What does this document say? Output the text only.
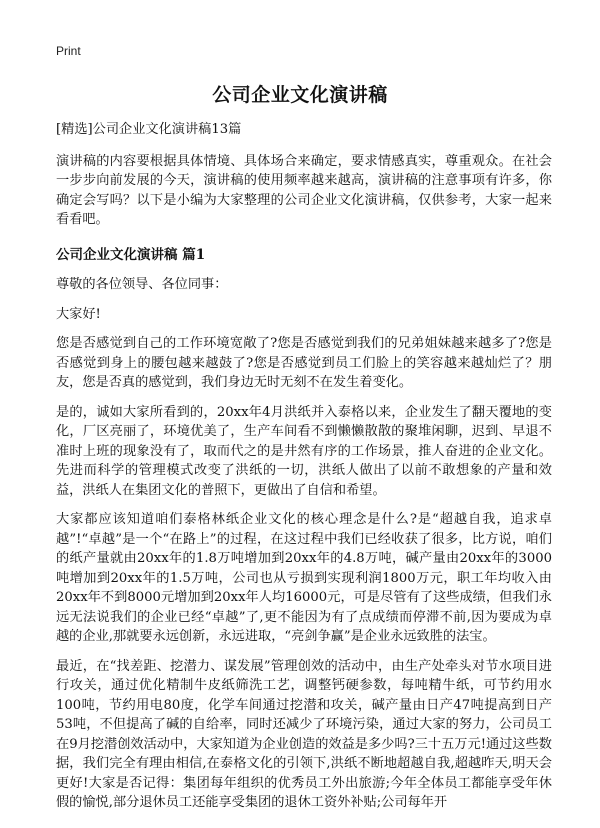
Print
公司企业文化演讲稿

[精选]公司企业文化演讲稿13篇

演讲稿的内容要根据具体情境、具体场合来确定，要求情感真实，尊重观众。在社会一步步向前发展的今天，演讲稿的使用频率越来越高，演讲稿的注意事项有许多，你确定会写吗？以下是小编为大家整理的公司企业文化演讲稿，仅供参考，大家一起来看看吧。

公司企业文化演讲稿 篇1

尊敬的各位领导、各位同事：

大家好!

您是否感觉到自己的工作环境宽敞了?您是否感觉到我们的兄弟姐妹越来越多了?您是否感觉到身上的腰包越来越鼓了?您是否感觉到员工们脸上的笑容越来越灿烂了？朋友，您是否真的感觉到，我们身边无时无刻不在发生着变化。

是的，诚如大家所看到的，20xx年4月洪纸并入泰格以来，企业发生了翻天覆地的变化，厂区亮丽了，环境优美了，生产车间看不到懒懒散散的聚堆闲聊，迟到、早退不准时上班的现象没有了，取而代之的是井然有序的工作场景，推人奋进的企业文化。先进而科学的管理模式改变了洪纸的一切，洪纸人做出了以前不敢想象的产量和效益，洪纸人在集团文化的普照下，更做出了自信和希望。

大家都应该知道咱们泰格林纸企业文化的核心理念是什么?是“超越自我，追求卓越”!“卓越”是一个“在路上”的过程，在这过程中我们已经收获了很多，比方说，咱们的纸产量就由20xx年的1.8万吨增加到20xx年的4.8万吨，碱产量由20xx年的3000吨增加到20xx年的1.5万吨，公司也从亏损到实现利润1800万元，职工年均收入由20xx年不到8000元增加到20xx年人均16000元，可是尽管有了这些成绩，但我们永远无法说我们的企业已经“卓越”了,更不能因为有了点成绩而停滞不前,因为要成为卓越的企业,那就要永远创新，永远进取，“亮剑争赢”是企业永远致胜的法宝。

最近，在“找差距、挖潜力、谋发展”管理创效的活动中，由生产处牵头对节水项目进行攻关，通过优化精制牛皮纸筛洗工艺，调整钙硬参数，每吨精牛纸，可节约用水100吨，节约用电80度，化学车间通过挖潜和攻关，碱产量由日产47吨提高到日产53吨，不但提高了碱的自给率，同时还减少了环境污染，通过大家的努力，公司员工在9月挖潜创效活动中，大家知道为企业创造的效益是多少吗?三十五万元!通过这些数据，我们完全有理由相信,在泰格文化的引领下,洪纸不断地超越自我,超越昨天,明天会更好!大家是否记得：集团每年组织的优秀员工外出旅游;今年全体员工都能享受年休假的愉悦,部分退休员工还能享受集团的退休工资外补贴;公司每年开
